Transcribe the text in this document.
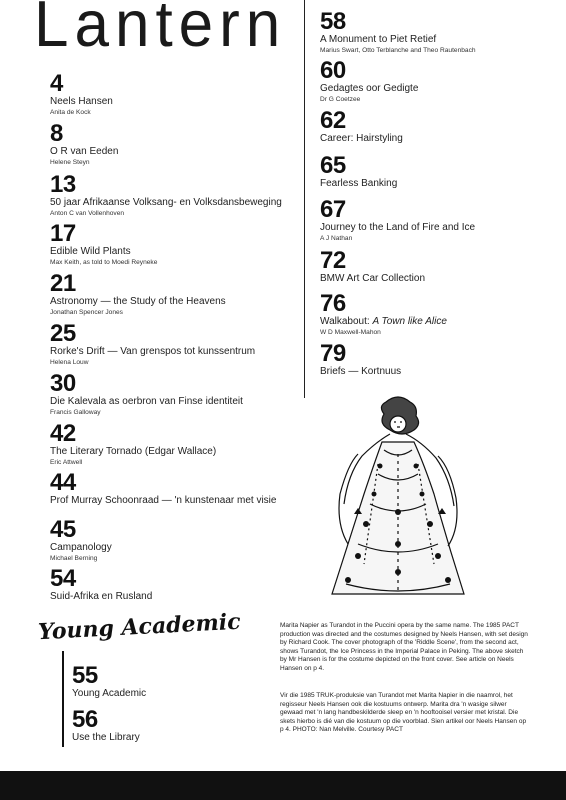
Lantern
4
Neels Hansen
Anita de Kock
8
O R van Eeden
Helene Steyn
13
50 jaar Afrikaanse Volksang- en Volksdansbeweging
Anton C van Vollenhoven
17
Edible Wild Plants
Max Keith, as told to Moedi Reyneke
21
Astronomy — the Study of the Heavens
Jonathan Spencer Jones
25
Rorke's Drift — Van grenspos tot kunssentrum
Helena Louw
30
Die Kalevala as oerbron van Finse identiteit
Francis Galloway
42
The Literary Tornado (Edgar Wallace)
Eric Attwell
44
Prof Murray Schoonraad — 'n kunstenaar met visie
45
Campanology
Michael Berning
54
Suid-Afrika en Rusland
58
A Monument to Piet Retief
Marius Swart, Otto Terblanche and Theo Rautenbach
60
Gedagtes oor Gedigte
Dr G Coetzee
62
Career: Hairstyling
65
Fearless Banking
67
Journey to the Land of Fire and Ice
A J Nathan
72
BMW Art Car Collection
76
Walkabout: A Town like Alice
W D Maxwell-Mahon
79
Briefs — Kortnuus
Marita Napier as Turandot in the Puccini opera by the same name. The 1985 PACT production was directed and the costumes designed by Neels Hansen, with set design by Richard Cook. The cover photograph of the 'Riddle Scene', from the second act, shows Turandot, the Ice Princess in the Imperial Palace in Peking. The above sketch by Mr Hansen is for the costume depicted on the front cover. See article on Neels Hansen on p 4.
Vir die 1985 TRUK-produksie van Turandot met Marita Napier in die naamrol, het regisseur Neels Hansen ook die kostuums ontwerp. Marita dra 'n wasige silwer gewaad met 'n lang handbeskilderde sleep en 'n hooftooisel versier met kristal. Die skets hierbo is dié van die kostuum op die voorblad. Sien artikel oor Neels Hansen op p 4. PHOTO: Nan Melville. Courtesy PACT
Young Academic
55
Young Academic
56
Use the Library
